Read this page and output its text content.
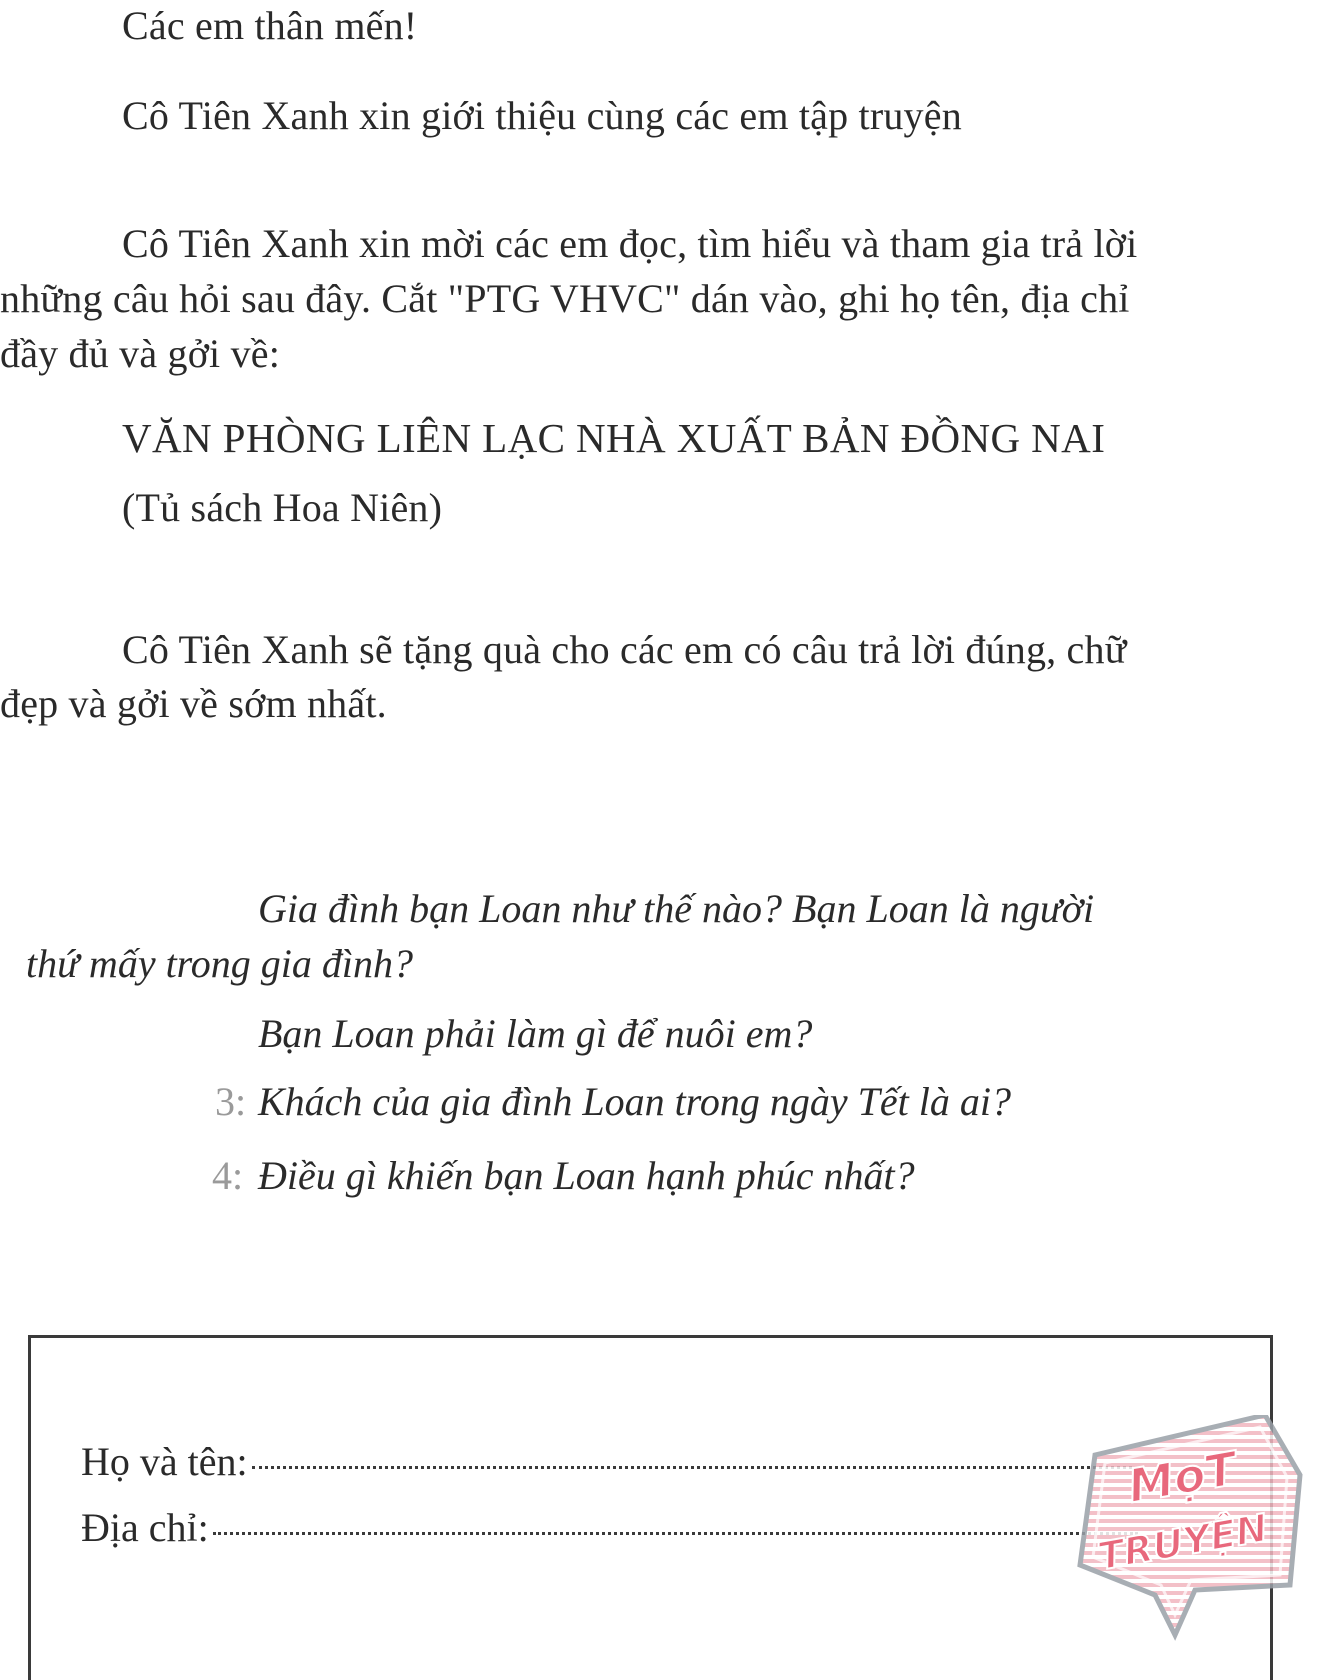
Các em thân mến!
Cô Tiên Xanh xin giới thiệu cùng các em tập truyện
Cô Tiên Xanh xin mời các em đọc, tìm hiểu và tham gia trả lời
những câu hỏi sau đây. Cắt "PTG VHVC" dán vào, ghi họ tên, địa chỉ
đầy đủ và gởi về:
VĂN PHÒNG LIÊN LẠC NHÀ XUẤT BẢN ĐỒNG NAI
(Tủ sách Hoa Niên)
Cô Tiên Xanh sẽ tặng quà cho các em có câu trả lời đúng, chữ
đẹp và gởi về sớm nhất.
Gia đình bạn Loan như thế nào? Bạn Loan là người
thứ mấy trong gia đình?
Bạn Loan phải làm gì để nuôi em?
3: Khách của gia đình Loan trong ngày Tết là ai?
4: Điều gì khiến bạn Loan hạnh phúc nhất?
Họ và tên:
Địa chỉ:
MọT
TRUYỆN
